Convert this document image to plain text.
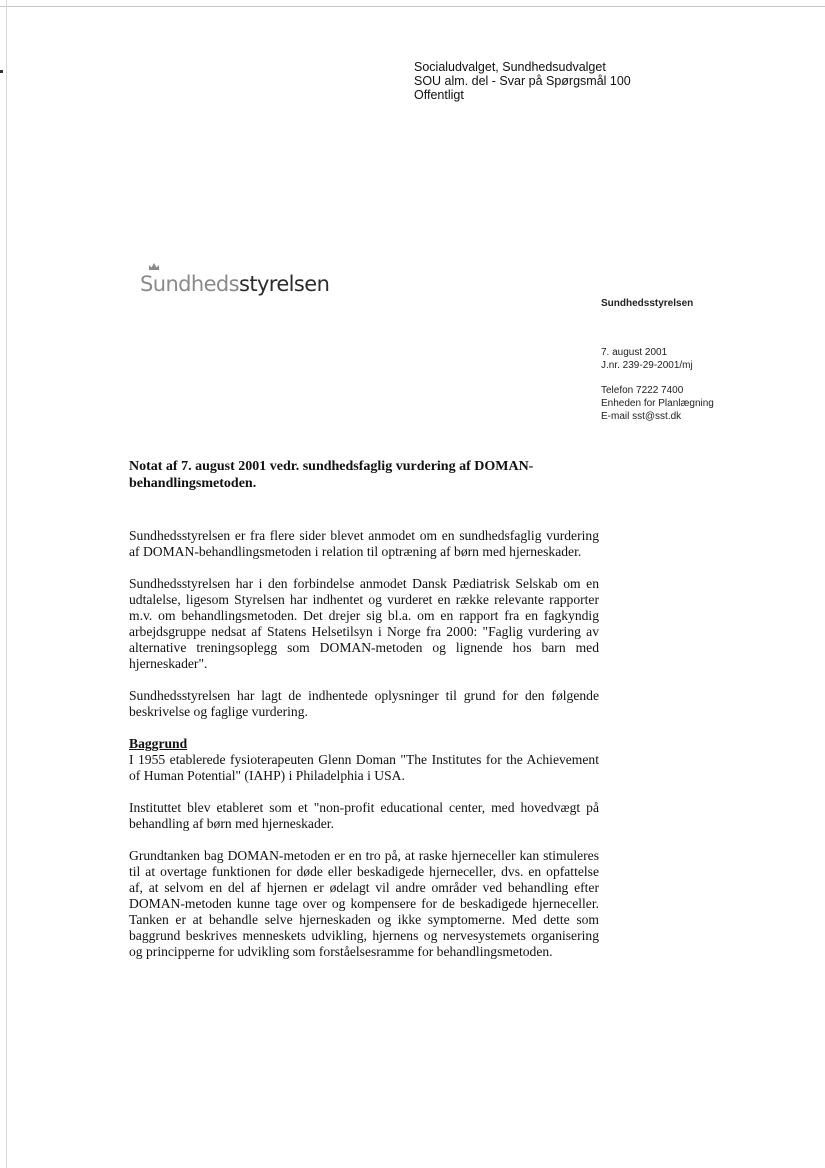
Socialudvalget, Sundhedsudvalget
SOU alm. del - Svar på Spørgsmål 100
Offentligt
Sundhedsstyrelsen
Sundhedsstyrelsen
7. august 2001
J.nr. 239-29-2001/mj
Telefon 7222 7400
Enheden for Planlægning
E-mail sst@sst.dk
Notat af 7. august 2001 vedr. sundhedsfaglig vurdering af DOMAN-behandlingsmetoden.

Sundhedsstyrelsen er fra flere sider blevet anmodet om en sundhedsfaglig vurdering af DOMAN-behandlingsmetoden i relation til optræning af børn med hjerneskader.

Sundhedsstyrelsen har i den forbindelse anmodet Dansk Pædiatrisk Selskab om en udtalelse, ligesom Styrelsen har indhentet og vurderet en række relevante rapporter m.v. om behandlingsmetoden. Det drejer sig bl.a. om en rapport fra en fagkyndig arbejdsgruppe nedsat af Statens Helsetilsyn i Norge fra 2000: "Faglig vurdering av alternative treningsoplegg som DOMAN-metoden og lignende hos barn med hjerneskader".

Sundhedsstyrelsen har lagt de indhentede oplysninger til grund for den følgende beskrivelse og faglige vurdering.

Baggrund

I 1955 etablerede fysioterapeuten Glenn Doman "The Institutes for the Achievement of Human Potential" (IAHP) i Philadelphia i USA.

Instituttet blev etableret som et "non-profit educational center, med hovedvægt på behandling af børn med hjerneskader.

Grundtanken bag DOMAN-metoden er en tro på, at raske hjerneceller kan stimuleres til at overtage funktionen for døde eller beskadigede hjerneceller, dvs. en opfattelse af, at selvom en del af hjernen er ødelagt vil andre områder ved behandling efter DOMAN-metoden kunne tage over og kompensere for de beskadigede hjerneceller. Tanken er at behandle selve hjerneskaden og ikke symptomerne. Med dette som baggrund beskrives menneskets udvikling, hjernens og nervesystemets organisering og principperne for udvikling som forståelsesramme for behandlingsmetoden.
